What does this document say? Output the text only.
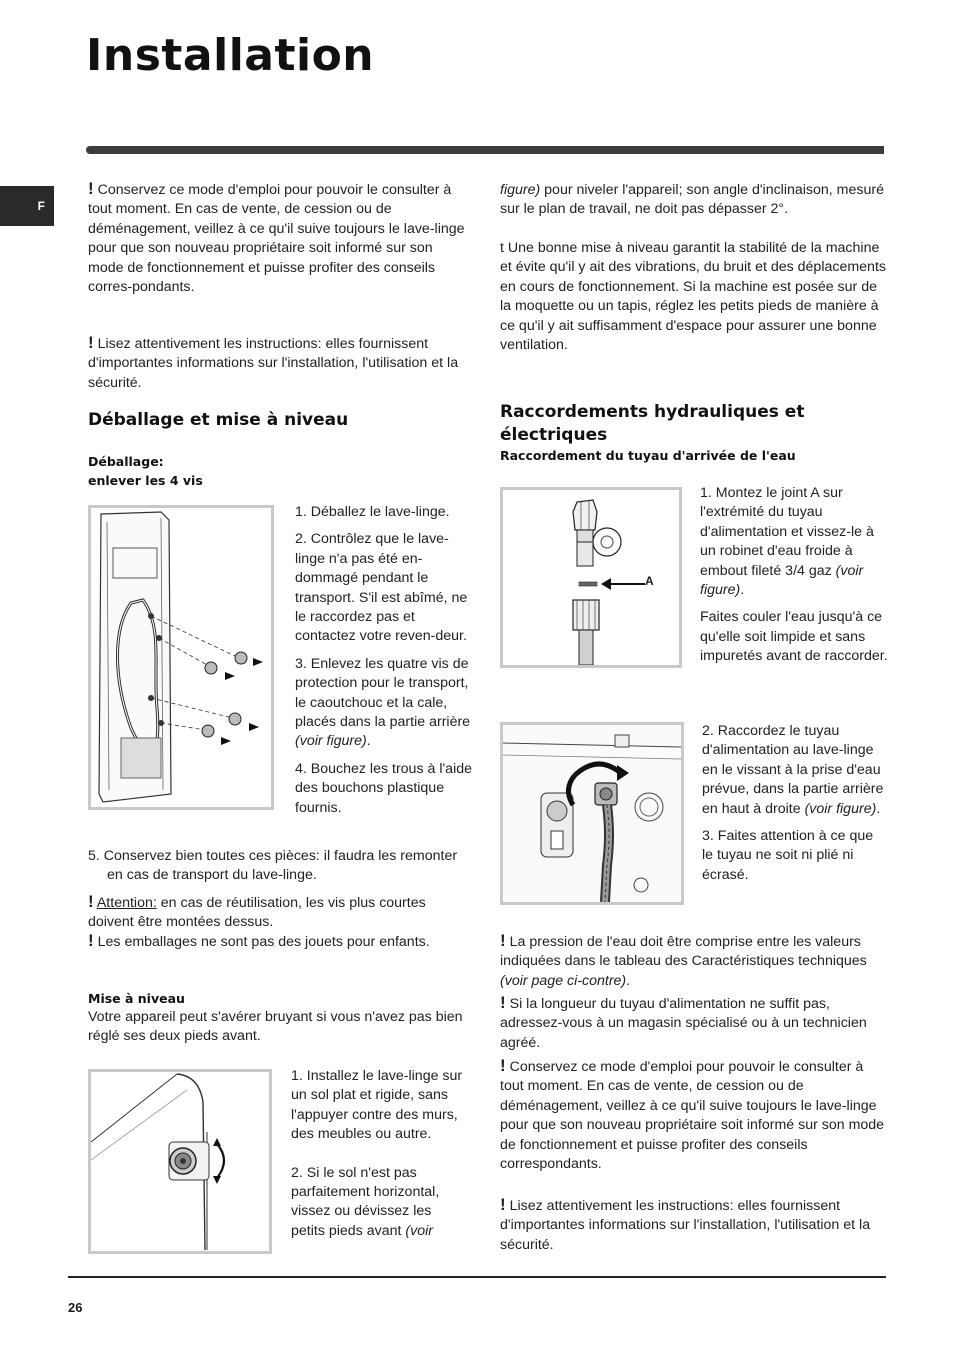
Installation
F

! Conservez ce mode d'emploi pour pouvoir le consulter à tout moment. En cas de vente, de cession ou de déménagement, veillez à ce qu'il suive toujours le lave-linge pour que son nouveau propriétaire soit informé sur son mode de fonctionnement et puisse profiter des conseils corres-pondants.

! Lisez attentivement les instructions: elles fournissent d'importantes informations sur l'installation, l'utilisation et la sécurité.

Déballage et mise à niveau
Déballage:
enlever les 4 vis

1. Déballez le lave-linge.

2. Contrôlez que le lave-linge n'a pas été en-dommagé pendant le transport. S'il est abîmé, ne le raccordez pas et contactez votre reven-deur.

3. Enlevez les quatre vis de protection pour le transport, le caoutchouc et la cale, placés dans la partie arrière (voir figure).

4. Bouchez les trous à l'aide des bouchons plastique fournis.

5. Conservez bien toutes ces pièces: il faudra les remonter en cas de transport du lave-linge.

! Attention: en cas de réutilisation, les vis plus courtes doivent être montées dessus.

! Les emballages ne sont pas des jouets pour enfants.

Mise à niveau

Votre appareil peut s'avérer bruyant si vous n'avez pas bien réglé ses deux pieds avant.

1. Installez le lave-linge sur un sol plat et rigide, sans l'appuyer contre des murs, des meubles ou autre.

2. Si le sol n'est pas parfaitement horizontal, vissez ou dévissez les petits pieds avant (voir

figure) pour niveler l'appareil; son angle d'inclinaison, mesuré sur le plan de travail, ne doit pas dépasser 2°.

t Une bonne mise à niveau garantit la stabilité de la machine et évite qu'il y ait des vibrations, du bruit et des déplacements en cours de fonctionnement. Si la machine est posée sur de la moquette ou un tapis, réglez les petits pieds de manière à ce qu'il y ait suffisamment d'espace pour assurer une bonne ventilation.

Raccordements hydrauliques et électriques
Raccordement du tuyau d'arrivée de l'eau
A

1. Montez le joint A sur l'extrémité du tuyau d'alimentation et vissez-le à un robinet d'eau froide à embout fileté 3/4 gaz (voir figure).

Faites couler l'eau jusqu'à ce qu'elle soit limpide et sans impuretés avant de raccorder.

2. Raccordez le tuyau d'alimentation au lave-linge en le vissant à la prise d'eau prévue, dans la partie arrière en haut à droite (voir figure).

3. Faites attention à ce que le tuyau ne soit ni plié ni écrasé.

! La pression de l'eau doit être comprise entre les valeurs indiquées dans le tableau des Caractéristiques techniques (voir page ci-contre).

! Si la longueur du tuyau d'alimentation ne suffit pas, adressez-vous à un magasin spécialisé ou à un technicien agréé.

! Conservez ce mode d'emploi pour pouvoir le consulter à tout moment. En cas de vente, de cession ou de déménagement, veillez à ce qu'il suive toujours le lave-linge pour que son nouveau propriétaire soit informé sur son mode de fonctionnement et puisse profiter des conseils correspondants.

! Lisez attentivement les instructions: elles fournissent d'importantes informations sur l'installation, l'utilisation et la sécurité.

26
